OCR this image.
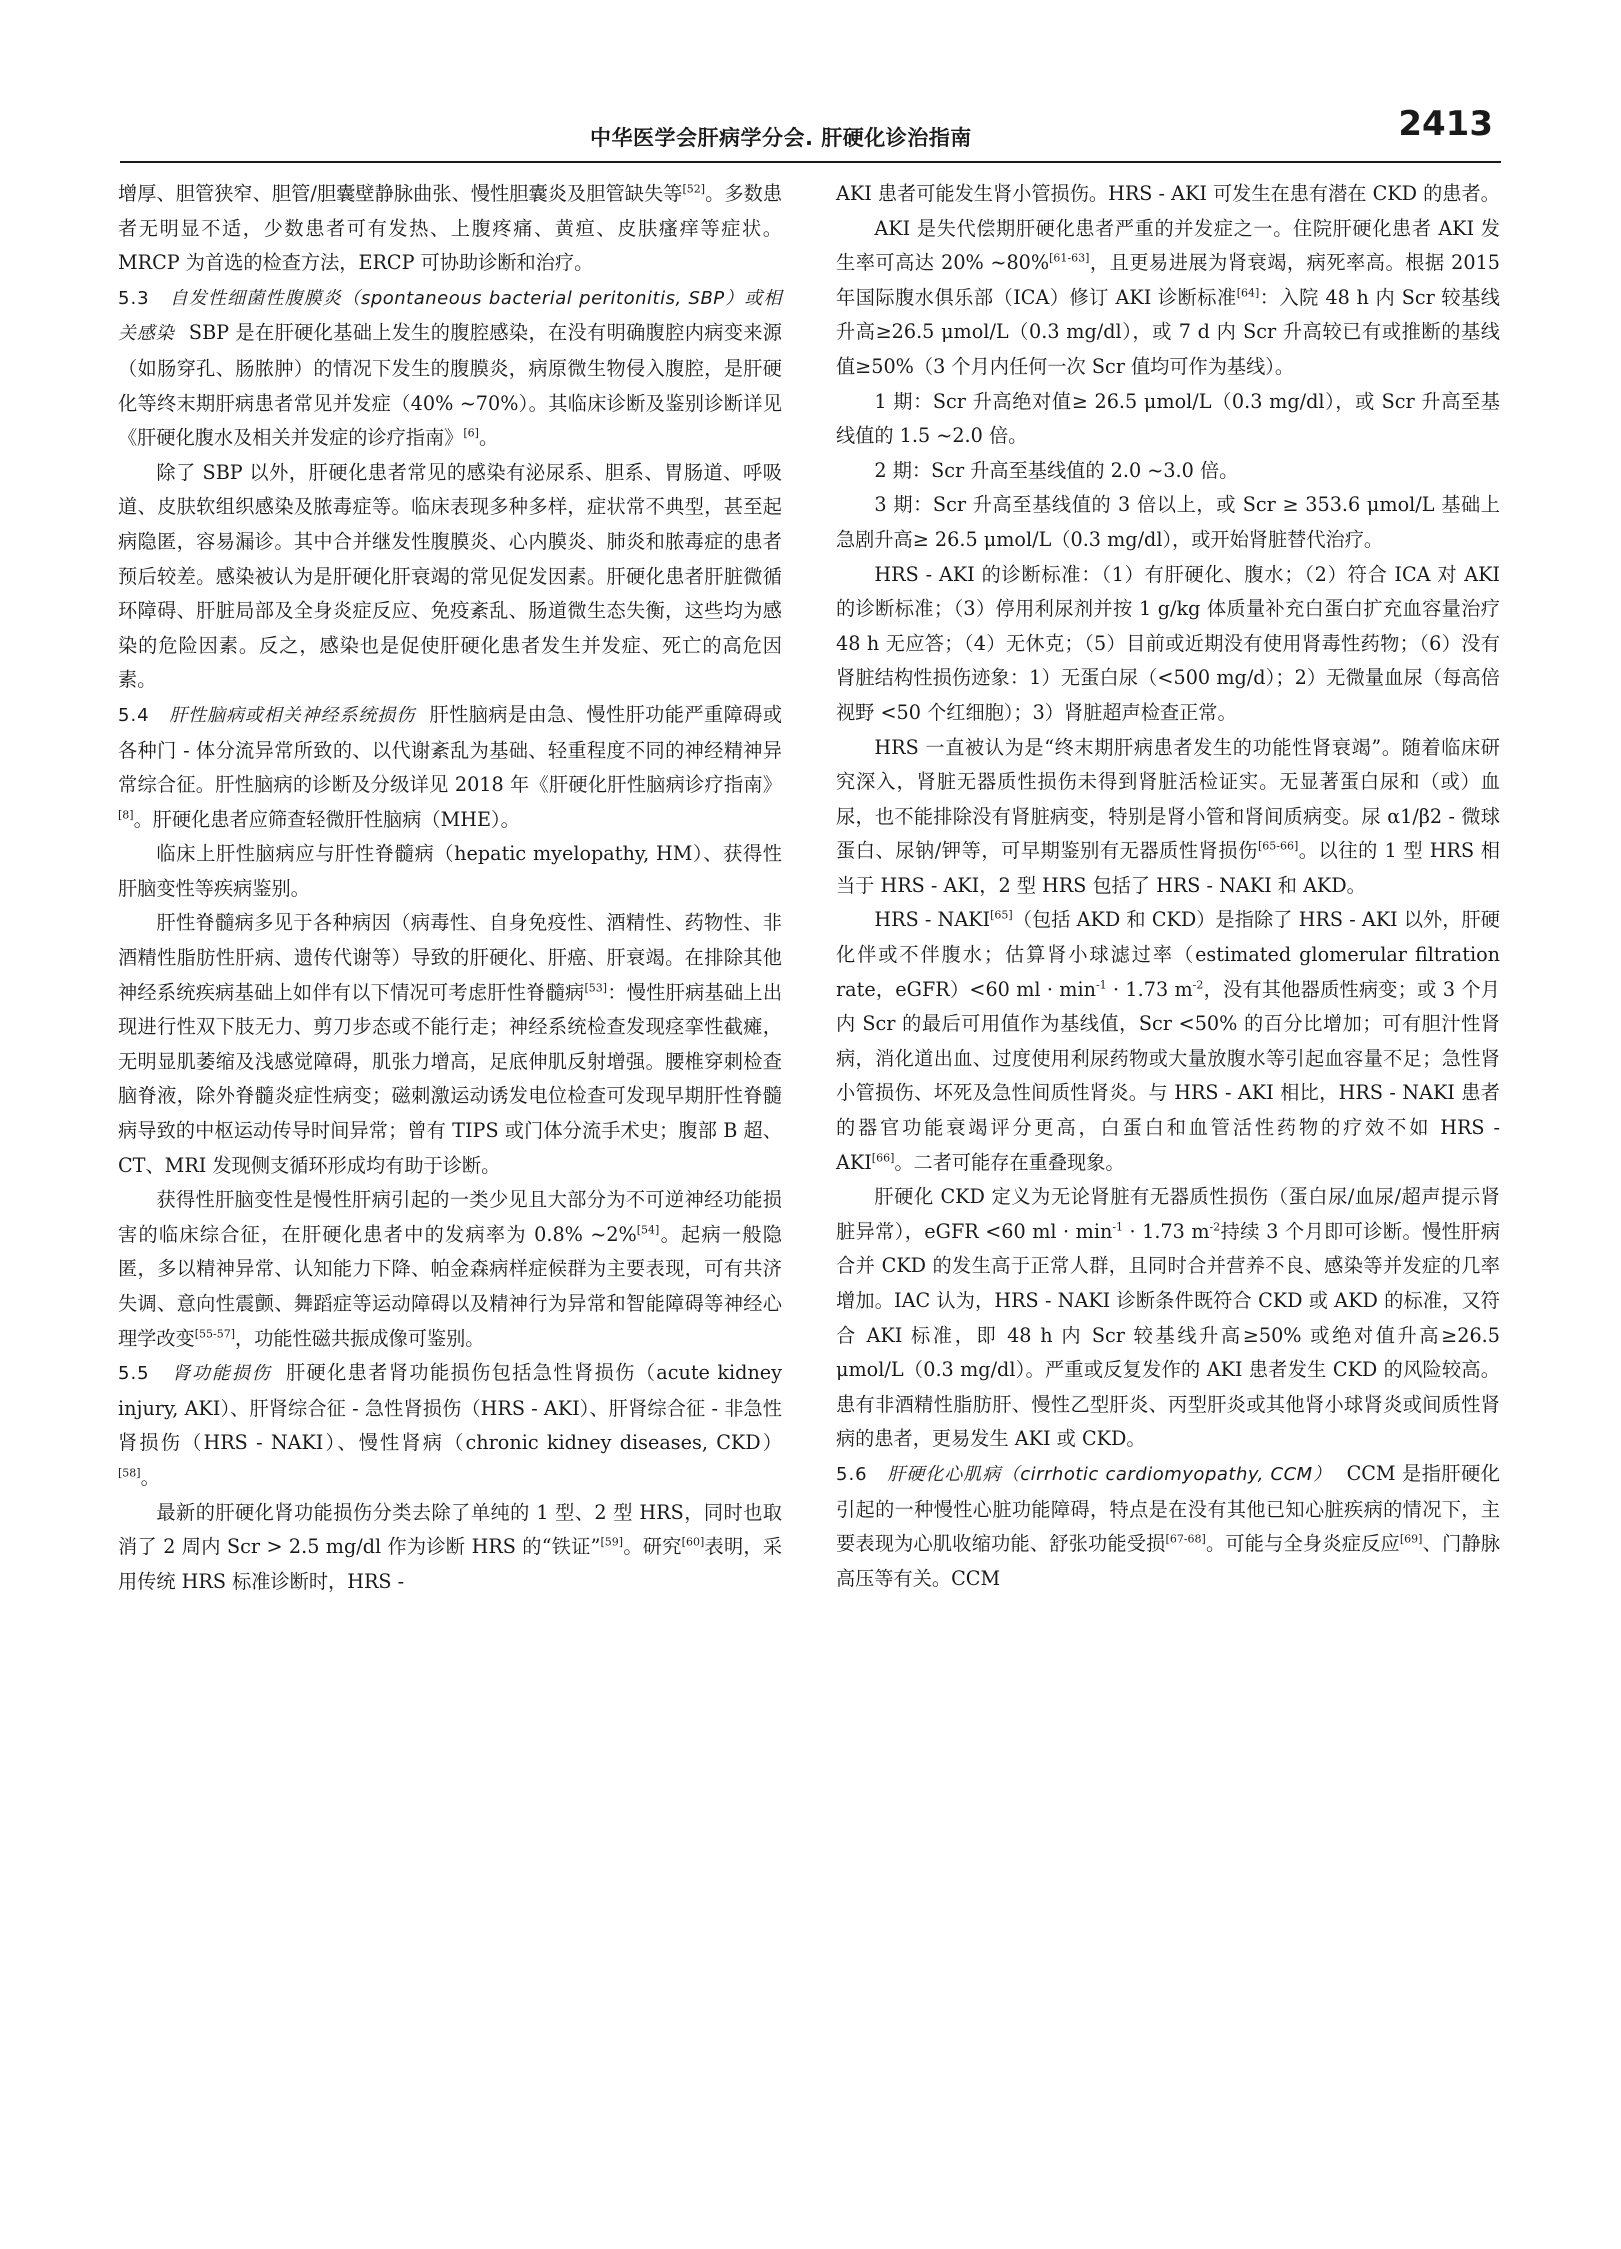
中华医学会肝病学分会. 肝硬化诊治指南	2413

增厚、胆管狭窄、胆管/胆囊壁静脉曲张、慢性胆囊炎及胆管缺失等[52]。多数患者无明显不适，少数患者可有发热、上腹疼痛、黄疸、皮肤瘙痒等症状。MRCP 为首选的检查方法，ERCP 可协助诊断和治疗。

5.3 自发性细菌性腹膜炎（spontaneous bacterial peritonitis, SBP）或相关感染 SBP 是在肝硬化基础上发生的腹腔感染，在没有明确腹腔内病变来源（如肠穿孔、肠脓肿）的情况下发生的腹膜炎，病原微生物侵入腹腔，是肝硬化等终末期肝病患者常见并发症（40% ~70%）。其临床诊断及鉴别诊断详见《肝硬化腹水及相关并发症的诊疗指南》[6]。

除了 SBP 以外，肝硬化患者常见的感染有泌尿系、胆系、胃肠道、呼吸道、皮肤软组织感染及脓毒症等。临床表现多种多样，症状常不典型，甚至起病隐匿，容易漏诊。其中合并继发性腹膜炎、心内膜炎、肺炎和脓毒症的患者预后较差。感染被认为是肝硬化肝衰竭的常见促发因素。肝硬化患者肝脏微循环障碍、肝脏局部及全身炎症反应、免疫紊乱、肠道微生态失衡，这些均为感染的危险因素。反之，感染也是促使肝硬化患者发生并发症、死亡的高危因素。

5.4 肝性脑病或相关神经系统损伤 肝性脑病是由急、慢性肝功能严重障碍或各种门 - 体分流异常所致的、以代谢紊乱为基础、轻重程度不同的神经精神异常综合征。肝性脑病的诊断及分级详见 2018 年《肝硬化肝性脑病诊疗指南》[8]。肝硬化患者应筛查轻微肝性脑病（MHE）。

临床上肝性脑病应与肝性脊髓病（hepatic myelopathy, HM）、获得性肝脑变性等疾病鉴别。

肝性脊髓病多见于各种病因（病毒性、自身免疫性、酒精性、药物性、非酒精性脂肪性肝病、遗传代谢等）导致的肝硬化、肝癌、肝衰竭。在排除其他神经系统疾病基础上如伴有以下情况可考虑肝性脊髓病[53]：慢性肝病基础上出现进行性双下肢无力、剪刀步态或不能行走；神经系统检查发现痉挛性截瘫，无明显肌萎缩及浅感觉障碍，肌张力增高，足底伸肌反射增强。腰椎穿刺检查脑脊液，除外脊髓炎症性病变；磁刺激运动诱发电位检查可发现早期肝性脊髓病导致的中枢运动传导时间异常；曾有 TIPS 或门体分流手术史；腹部 B 超、CT、MRI 发现侧支循环形成均有助于诊断。

获得性肝脑变性是慢性肝病引起的一类少见且大部分为不可逆神经功能损害的临床综合征，在肝硬化患者中的发病率为 0.8% ~2%[54]。起病一般隐匿，多以精神异常、认知能力下降、帕金森病样症候群为主要表现，可有共济失调、意向性震颤、舞蹈症等运动障碍以及精神行为异常和智能障碍等神经心理学改变[55-57]，功能性磁共振成像可鉴别。

5.5 肾功能损伤 肝硬化患者肾功能损伤包括急性肾损伤（acute kidney injury, AKI）、肝肾综合征 - 急性肾损伤（HRS - AKI）、肝肾综合征 - 非急性肾损伤（HRS - NAKI）、慢性肾病（chronic kidney diseases, CKD）[58]。

最新的肝硬化肾功能损伤分类去除了单纯的 1 型、2 型 HRS，同时也取消了 2 周内 Scr > 2.5 mg/dl 作为诊断 HRS 的“铁证”[59]。研究[60]表明，采用传统 HRS 标准诊断时，HRS -

AKI 患者可能发生肾小管损伤。HRS - AKI 可发生在患有潜在 CKD 的患者。

AKI 是失代偿期肝硬化患者严重的并发症之一。住院肝硬化患者 AKI 发生率可高达 20% ~80%[61-63]，且更易进展为肾衰竭，病死率高。根据 2015 年国际腹水俱乐部（ICA）修订 AKI 诊断标准[64]：入院 48 h 内 Scr 较基线升高≥26.5 μmol/L（0.3 mg/dl），或 7 d 内 Scr 升高较已有或推断的基线值≥50%（3 个月内任何一次 Scr 值均可作为基线）。

1 期：Scr 升高绝对值≥ 26.5 μmol/L（0.3 mg/dl），或 Scr 升高至基线值的 1.5 ~2.0 倍。

2 期：Scr 升高至基线值的 2.0 ~3.0 倍。

3 期：Scr 升高至基线值的 3 倍以上，或 Scr ≥ 353.6 μmol/L 基础上急剧升高≥ 26.5 μmol/L（0.3 mg/dl），或开始肾脏替代治疗。

HRS - AKI 的诊断标准：（1）有肝硬化、腹水；（2）符合 ICA 对 AKI 的诊断标准；（3）停用利尿剂并按 1 g/kg 体质量补充白蛋白扩充血容量治疗 48 h 无应答；（4）无休克；（5）目前或近期没有使用肾毒性药物；（6）没有肾脏结构性损伤迹象：1）无蛋白尿（<500 mg/d）；2）无微量血尿（每高倍视野 <50 个红细胞）；3）肾脏超声检查正常。

HRS 一直被认为是“终末期肝病患者发生的功能性肾衰竭”。随着临床研究深入，肾脏无器质性损伤未得到肾脏活检证实。无显著蛋白尿和（或）血尿，也不能排除没有肾脏病变，特别是肾小管和肾间质病变。尿 α1/β2 - 微球蛋白、尿钠/钾等，可早期鉴别有无器质性肾损伤[65-66]。以往的 1 型 HRS 相当于 HRS - AKI，2 型 HRS 包括了 HRS - NAKI 和 AKD。

HRS - NAKI[65]（包括 AKD 和 CKD）是指除了 HRS - AKI 以外，肝硬化伴或不伴腹水；估算肾小球滤过率（estimated glomerular filtration rate，eGFR）<60 ml · $\min^{-1} \cdot 1.73$ $m^{-2}$，没有其他器质性病变；或 3 个月内 Scr 的最后可用值作为基线值，Scr <50% 的百分比增加；可有胆汁性肾病，消化道出血、过度使用利尿药物或大量放腹水等引起血容量不足；急性肾小管损伤、坏死及急性间质性肾炎。与 HRS - AKI 相比，HRS - NAKI 患者的器官功能衰竭评分更高，白蛋白和血管活性药物的疗效不如 HRS - AKI[66]。二者可能存在重叠现象。

肝硬化 CKD 定义为无论肾脏有无器质性损伤（蛋白尿/血尿/超声提示肾脏异常），eGFR <60 ml · $\min^{-1} \cdot 1.73$ $m^{-2}$持续 3 个月即可诊断。慢性肝病合并 CKD 的发生高于正常人群，且同时合并营养不良、感染等并发症的几率增加。IAC 认为，HRS - NAKI 诊断条件既符合 CKD 或 AKD 的标准，又符合 AKI 标准，即 48 h 内 Scr 较基线升高≥50% 或绝对值升高≥26.5 μmol/L（0.3 mg/dl）。严重或反复发作的 AKI 患者发生 CKD 的风险较高。患有非酒精性脂肪肝、慢性乙型肝炎、丙型肝炎或其他肾小球肾炎或间质性肾病的患者，更易发生 AKI 或 CKD。

5.6 肝硬化心肌病（cirrhotic cardiomyopathy, CCM） CCM 是指肝硬化引起的一种慢性心脏功能障碍，特点是在没有其他已知心脏疾病的情况下，主要表现为心肌收缩功能、舒张功能受损[67-68]。可能与全身炎症反应[69]、门静脉高压等有关。CCM
